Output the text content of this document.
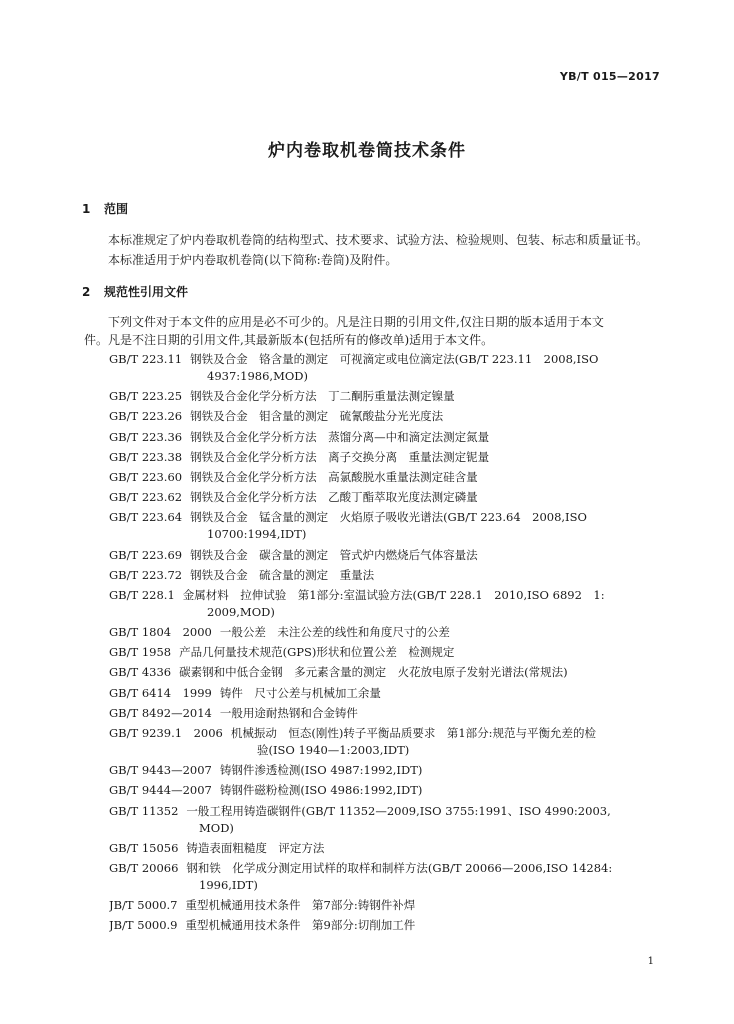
YB/T 015—2017
炉内卷取机卷筒技术条件
1 范围
本标准规定了炉内卷取机卷筒的结构型式、技术要求、试验方法、检验规则、包装、标志和质量证书。
本标准适用于炉内卷取机卷筒(以下简称:卷筒)及附件。
2 规范性引用文件
下列文件对于本文件的应用是必不可少的。凡是注日期的引用文件,仅注日期的版本适用于本文
件。凡是不注日期的引用文件,其最新版本(包括所有的修改单)适用于本文件。
GB/T 223.11 钢铁及合金　铬含量的测定　可视滴定或电位滴定法(GB/T 223.11　2008,ISO
4937:1986,MOD)
GB/T 223.25 钢铁及合金化学分析方法　丁二酮肟重量法测定镍量
GB/T 223.26 钢铁及合金　钼含量的测定　硫氰酸盐分光光度法
GB/T 223.36 钢铁及合金化学分析方法　蒸馏分离—中和滴定法测定氮量
GB/T 223.38 钢铁及合金化学分析方法　离子交换分离　重量法测定铌量
GB/T 223.60 钢铁及合金化学分析方法　高氯酸脱水重量法测定硅含量
GB/T 223.62 钢铁及合金化学分析方法　乙酸丁酯萃取光度法测定磷量
GB/T 223.64 钢铁及合金　锰含量的测定　火焰原子吸收光谱法(GB/T 223.64　2008,ISO
10700:1994,IDT)
GB/T 223.69 钢铁及合金　碳含量的测定　管式炉内燃烧后气体容量法
GB/T 223.72 钢铁及合金　硫含量的测定　重量法
GB/T 228.1 金属材料　拉伸试验　第1部分:室温试验方法(GB/T 228.1　2010,ISO 6892　1:
2009,MOD)
GB/T 1804　2000 一般公差　未注公差的线性和角度尺寸的公差
GB/T 1958 产品几何量技术规范(GPS)形状和位置公差　检测规定
GB/T 4336 碳素钢和中低合金钢　多元素含量的测定　火花放电原子发射光谱法(常规法)
GB/T 6414　1999 铸件　尺寸公差与机械加工余量
GB/T 8492—2014 一般用途耐热钢和合金铸件
GB/T 9239.1　2006 机械振动　恒态(刚性)转子平衡品质要求　第1部分:规范与平衡允差的检
验(ISO 1940—1:2003,IDT)
GB/T 9443—2007 铸钢件渗透检测(ISO 4987:1992,IDT)
GB/T 9444—2007 铸钢件磁粉检测(ISO 4986:1992,IDT)
GB/T 11352 一般工程用铸造碳钢件(GB/T 11352—2009,ISO 3755:1991、ISO 4990:2003,
MOD)
GB/T 15056 铸造表面粗糙度　评定方法
GB/T 20066 钢和铁　化学成分测定用试样的取样和制样方法(GB/T 20066—2006,ISO 14284:
1996,IDT)
JB/T 5000.7 重型机械通用技术条件　第7部分:铸钢件补焊
JB/T 5000.9 重型机械通用技术条件　第9部分:切削加工件
1
